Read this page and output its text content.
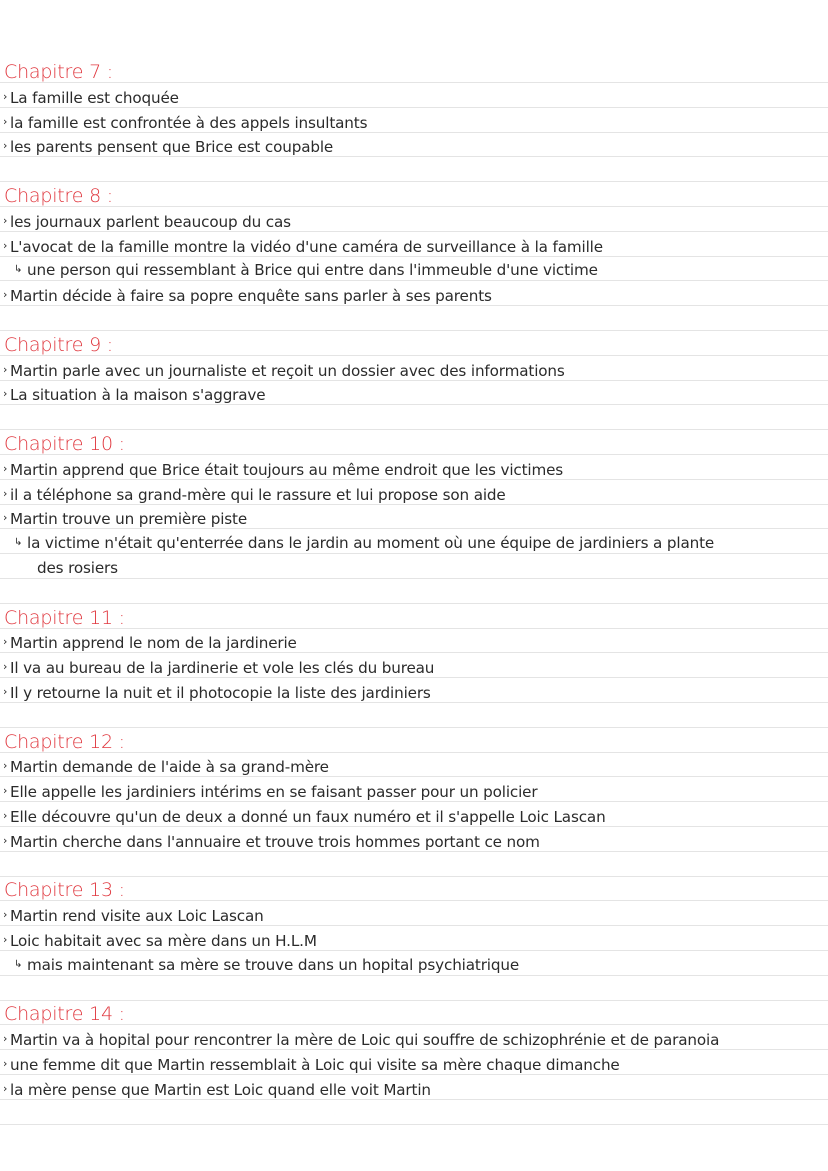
Chapitre 7 :
› La famille est choquée
› la famille est confrontée à des appels insultants
› les parents pensent que Brice est coupable
Chapitre 8 :
› les journaux parlent beaucoup du cas
› L'avocat de la famille montre la vidéo d'une caméra de surveillance à la famille
↳ une person qui ressemblant à Brice qui entre dans l'immeuble d'une victime
› Martin décide à faire sa popre enquête sans parler à ses parents
Chapitre 9 :
› Martin parle avec un journaliste et reçoit un dossier avec des informations
› La situation à la maison s'aggrave
Chapitre 10 :
› Martin apprend que Brice était toujours au même endroit que les victimes
› il a téléphone sa grand-mère qui le rassure et lui propose son aide
› Martin trouve un première piste
↳ la victime n'était qu'enterrée dans le jardin au moment où une équipe de jardiniers a plante
des rosiers
Chapitre 11 :
› Martin apprend le nom de la jardinerie
› Il va au bureau de la jardinerie et vole les clés du bureau
› Il y retourne la nuit et il photocopie la liste des jardiniers
Chapitre 12 :
› Martin demande de l'aide à sa grand-mère
› Elle appelle les jardiniers intérims en se faisant passer pour un policier
› Elle découvre qu'un de deux a donné un faux numéro et il s'appelle Loic Lascan
› Martin cherche dans l'annuaire et trouve trois hommes portant ce nom
Chapitre 13 :
› Martin rend visite aux Loic Lascan
› Loic habitait avec sa mère dans un H.L.M
↳ mais maintenant sa mère se trouve dans un hopital psychiatrique
Chapitre 14 :
› Martin va à hopital pour rencontrer la mère de Loic qui souffre de schizophrénie et de paranoia
› une femme dit que Martin ressemblait à Loic qui visite sa mère chaque dimanche
› la mère pense que Martin est Loic quand elle voit Martin
